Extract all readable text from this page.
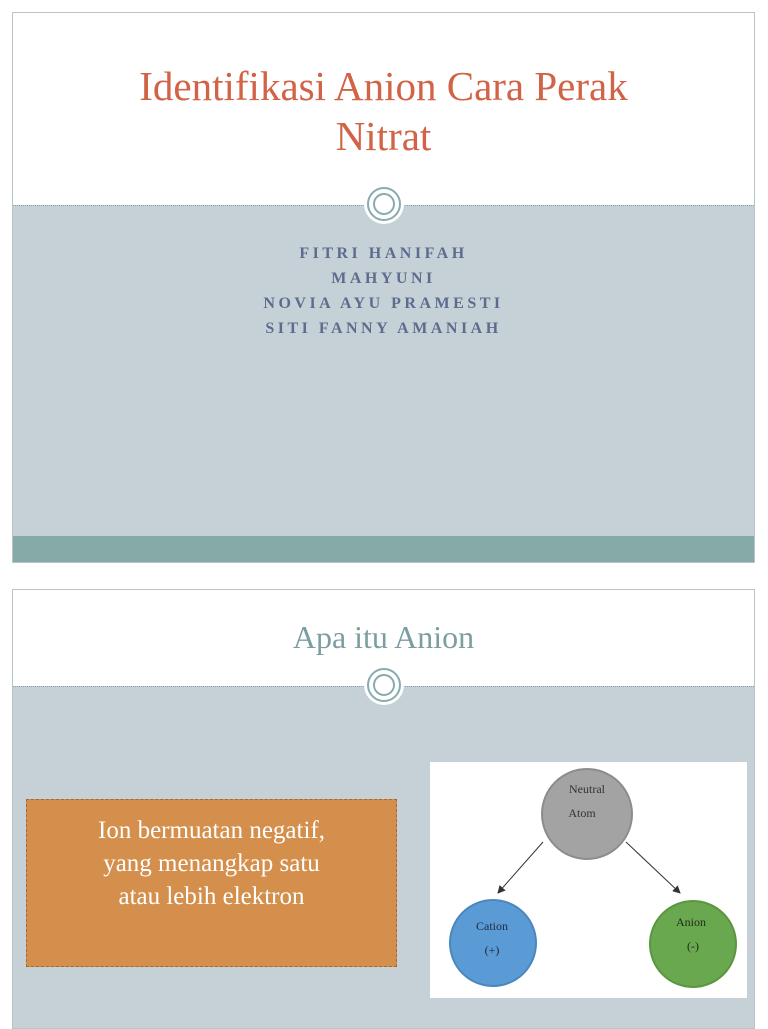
Identifikasi Anion Cara Perak
Nitrat
FITRI HANIFAH
MAHYUNI
NOVIA AYU PRAMESTI
SITI FANNY AMANIAH
Apa itu Anion

Ion bermuatan negatif,
yang menangkap satu
atau lebih elektron

Neutral
Atom
Cation
(+)
Anion
(-)
